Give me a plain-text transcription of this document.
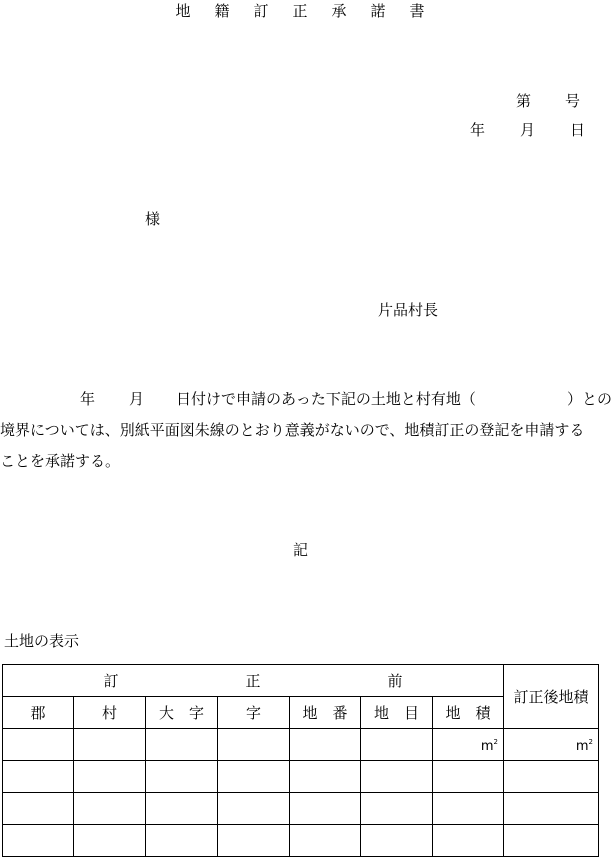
地 籍 訂 正 承 諾 書
第 号
年 月 日
様
片品村長
年 月 日付けで申請のあった下記の土地と村有地（	）との
境界については、別紙平面図朱線のとおり意義がないので、地積訂正の登記を申請する
ことを承諾する。
記
土地の表示
訂 正 前							訂正後地積
郡	村	大　字	字	地　番	地　目	地　積	
						$m^2$	$m^2$
